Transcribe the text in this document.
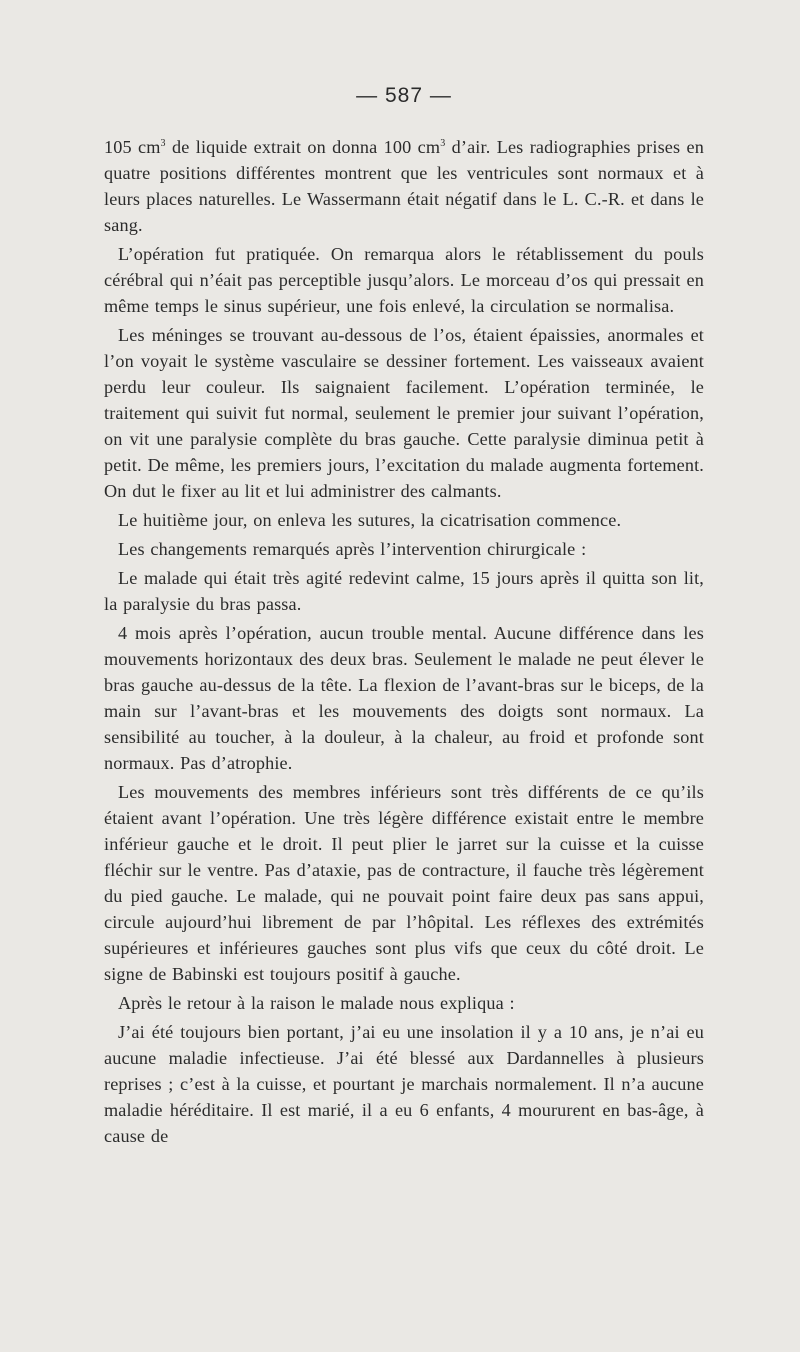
— 587 —

105 $cm^3$ de liquide extrait on donna 100 $cm^3$ d’air. Les radiographies prises en quatre positions différentes montrent que les ventricules sont normaux et à leurs places naturelles. Le Wassermann était négatif dans le L. C.-R. et dans le sang.

L’opération fut pratiquée. On remarqua alors le rétablissement du pouls cérébral qui n’éait pas perceptible jusqu’alors. Le morceau d’os qui pressait en même temps le sinus supérieur, une fois enlevé, la circulation se normalisa.

Les méninges se trouvant au-dessous de l’os, étaient épaissies, anormales et l’on voyait le système vasculaire se dessiner fortement. Les vaisseaux avaient perdu leur couleur. Ils saignaient facilement. L’opération terminée, le traitement qui suivit fut normal, seulement le premier jour suivant l’opération, on vit une paralysie complète du bras gauche. Cette paralysie diminua petit à petit. De même, les premiers jours, l’excitation du malade augmenta fortement. On dut le fixer au lit et lui administrer des calmants.

Le huitième jour, on enleva les sutures, la cicatrisation commence.

Les changements remarqués après l’intervention chirurgicale :

Le malade qui était très agité redevint calme, 15 jours après il quitta son lit, la paralysie du bras passa.

4 mois après l’opération, aucun trouble mental. Aucune différence dans les mouvements horizontaux des deux bras. Seulement le malade ne peut élever le bras gauche au-dessus de la tête. La flexion de l’avant-bras sur le biceps, de la main sur l’avant-bras et les mouvements des doigts sont normaux. La sensibilité au toucher, à la douleur, à la chaleur, au froid et profonde sont normaux. Pas d’atrophie.

Les mouvements des membres inférieurs sont très différents de ce qu’ils étaient avant l’opération. Une très légère différence existait entre le membre inférieur gauche et le droit. Il peut plier le jarret sur la cuisse et la cuisse fléchir sur le ventre. Pas d’ataxie, pas de contracture, il fauche très légèrement du pied gauche. Le malade, qui ne pouvait point faire deux pas sans appui, circule aujourd’hui librement de par l’hôpital. Les réflexes des extrémités supérieures et inférieures gauches sont plus vifs que ceux du côté droit. Le signe de Babinski est toujours positif à gauche.

Après le retour à la raison le malade nous expliqua :

J’ai été toujours bien portant, j’ai eu une insolation il y a 10 ans, je n’ai eu aucune maladie infectieuse. J’ai été blessé aux Dardannelles à plusieurs reprises ; c’est à la cuisse, et pourtant je marchais normalement. Il n’a aucune maladie héréditaire. Il est marié, il a eu 6 enfants, 4 moururent en bas-âge, à cause de
